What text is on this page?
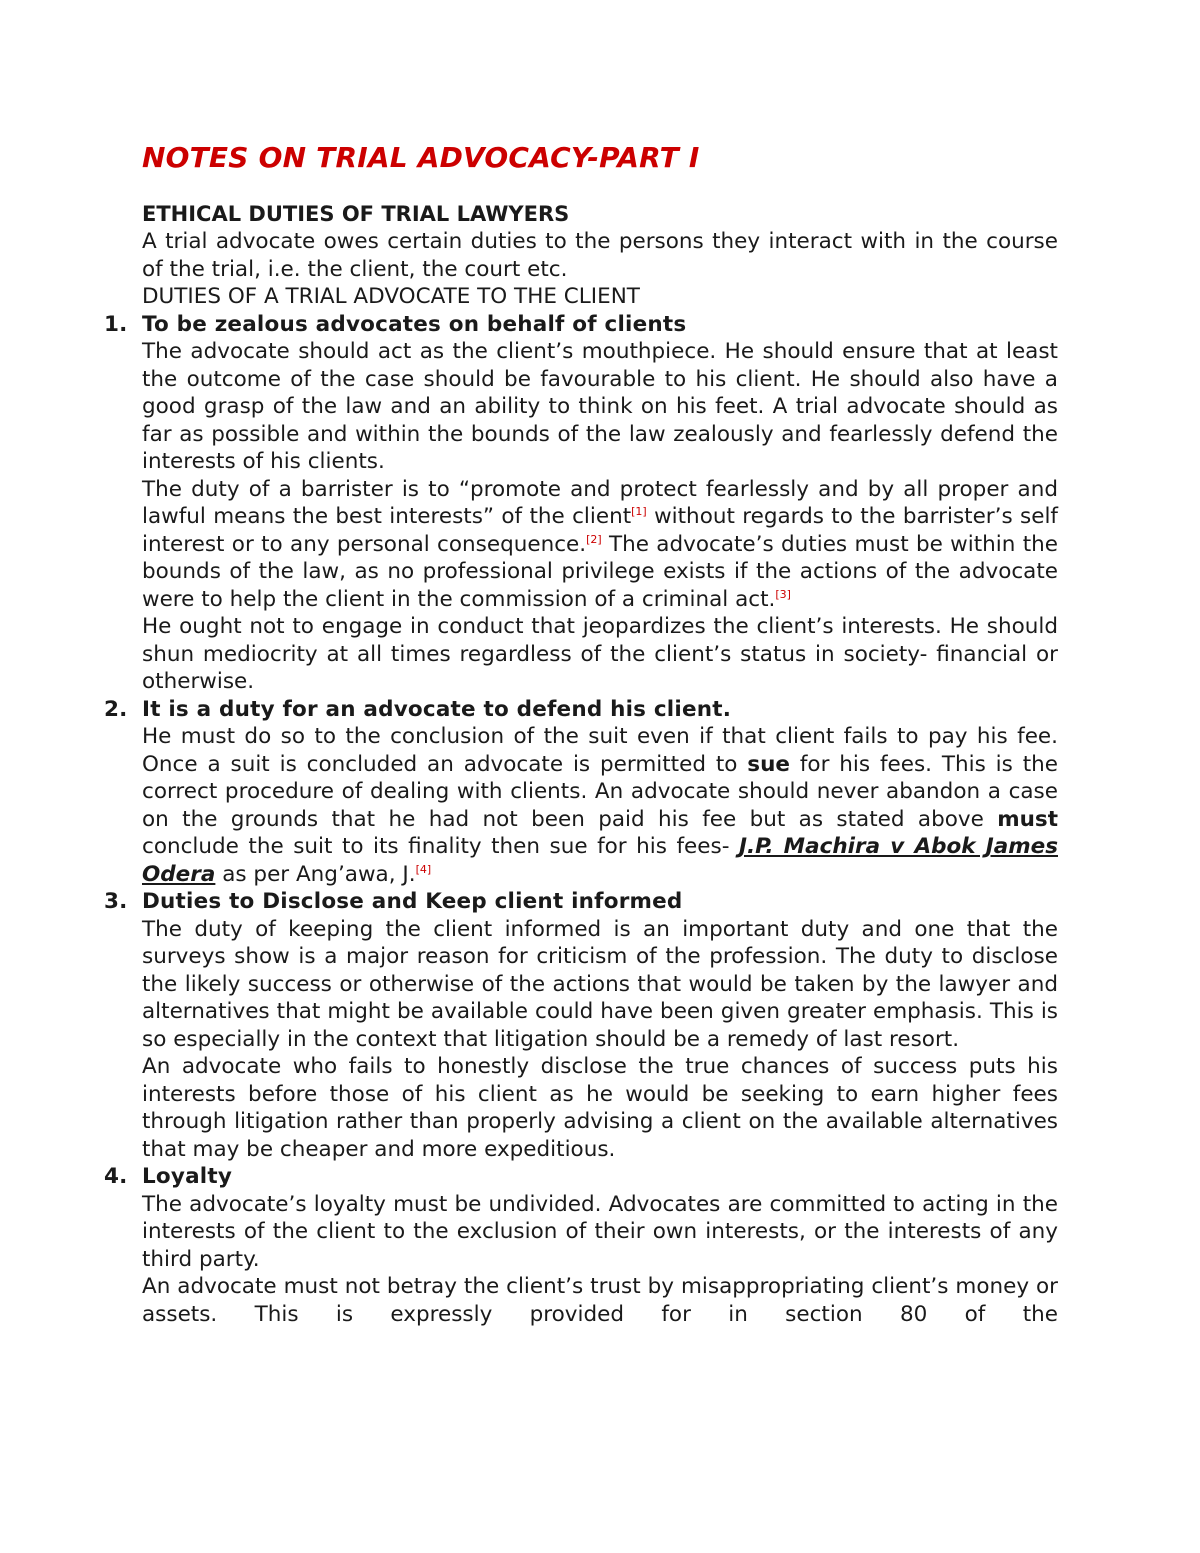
NOTES ON TRIAL ADVOCACY-PART I
ETHICAL DUTIES OF TRIAL LAWYERS

A trial advocate owes certain duties to the persons they interact with in the course of the trial, i.e. the client, the court etc.

DUTIES OF A TRIAL ADVOCATE TO THE CLIENT

1. To be zealous advocates on behalf of clients

The advocate should act as the client’s mouthpiece. He should ensure that at least the outcome of the case should be favourable to his client. He should also have a good grasp of the law and an ability to think on his feet. A trial advocate should as far as possible and within the bounds of the law zealously and fearlessly defend the interests of his clients.

The duty of a barrister is to “promote and protect fearlessly and by all proper and lawful means the best interests” of the client[1] without regards to the barrister’s self interest or to any personal consequence.[2] The advocate’s duties must be within the bounds of the law, as no professional privilege exists if the actions of the advocate were to help the client in the commission of a criminal act.[3]

He ought not to engage in conduct that jeopardizes the client’s interests. He should shun mediocrity at all times regardless of the client’s status in society- financial or otherwise.

2. It is a duty for an advocate to defend his client.

He must do so to the conclusion of the suit even if that client fails to pay his fee. Once a suit is concluded an advocate is permitted to sue for his fees. This is the correct procedure of dealing with clients. An advocate should never abandon a case on the grounds that he had not been paid his fee but as stated above must conclude the suit to its finality then sue for his fees- J.P. Machira v Abok James Odera as per Ang’awa, J.[4]

3. Duties to Disclose and Keep client informed

The duty of keeping the client informed is an important duty and one that the surveys show is a major reason for criticism of the profession. The duty to disclose the likely success or otherwise of the actions that would be taken by the lawyer and alternatives that might be available could have been given greater emphasis. This is so especially in the context that litigation should be a remedy of last resort.

An advocate who fails to honestly disclose the true chances of success puts his interests before those of his client as he would be seeking to earn higher fees through litigation rather than properly advising a client on the available alternatives that may be cheaper and more expeditious.

4. Loyalty

The advocate’s loyalty must be undivided. Advocates are committed to acting in the interests of the client to the exclusion of their own interests, or the interests of any third party.

An advocate must not betray the client’s trust by misappropriating client’s money or assets. This is expressly provided for in section 80 of the
